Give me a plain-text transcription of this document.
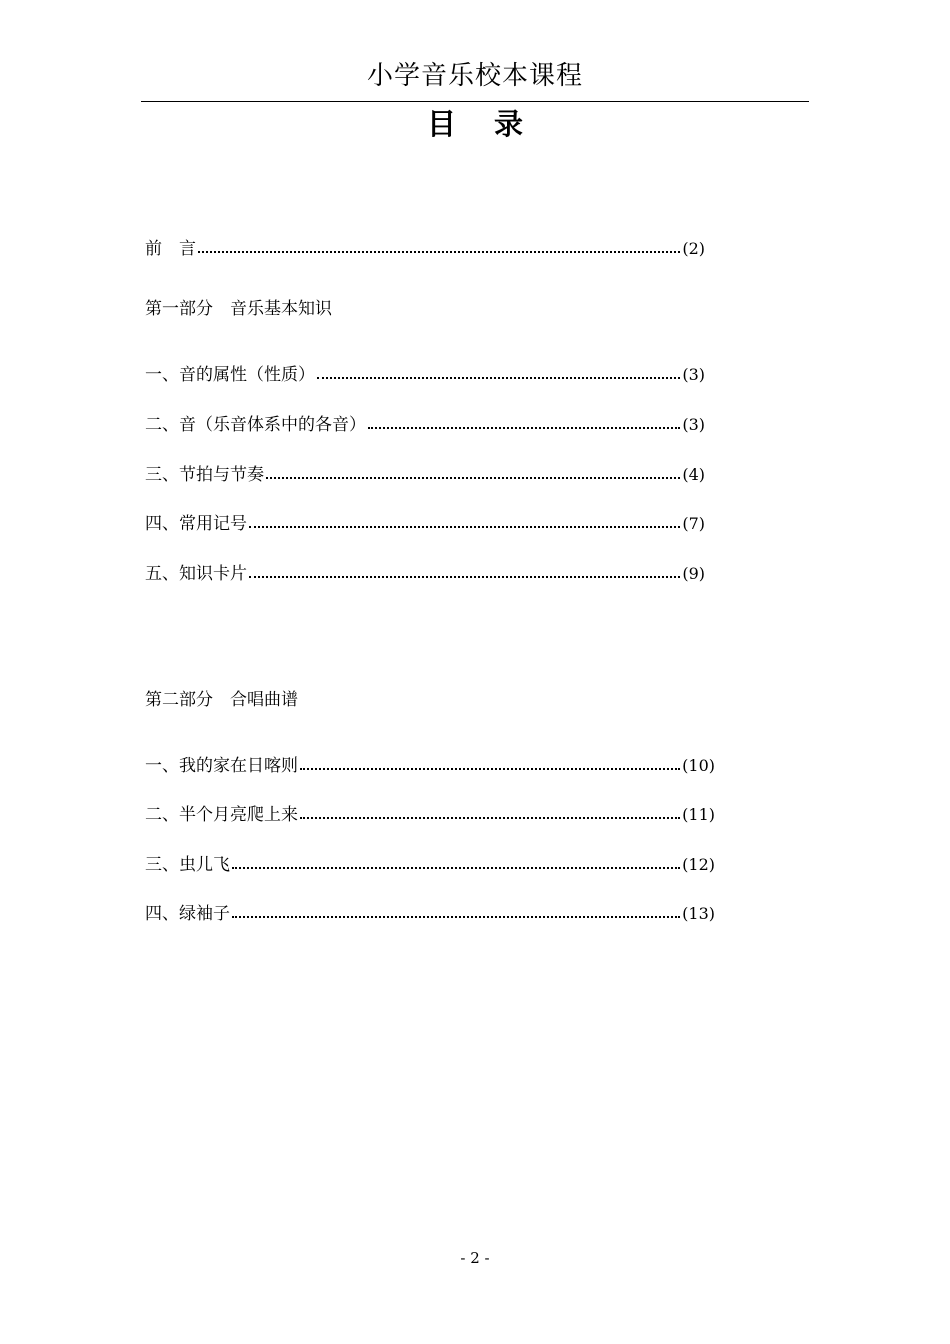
小学音乐校本课程
目录
前　言	(2)
第一部分　音乐基本知识
一、音的属性（性质）	(3)
二、音（乐音体系中的各音）	(3)
三、节拍与节奏	(4)
四、常用记号	(7)
五、知识卡片	(9)
第二部分　合唱曲谱
一、我的家在日喀则	(10)
二、半个月亮爬上来	(11)
三、虫儿飞	(12)
四、绿袖子	(13)
- 2 -
